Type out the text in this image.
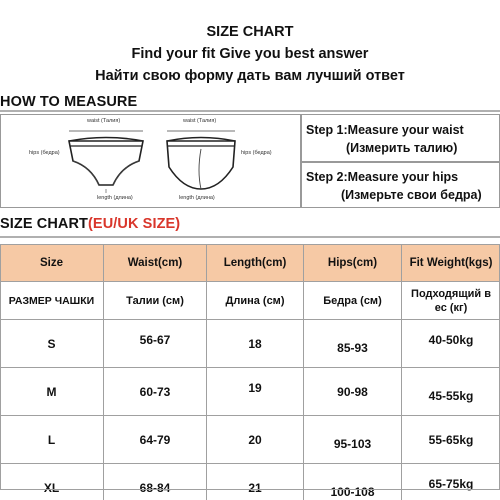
SIZE CHART
Find your fit Give you best answer
Найти свою форму дать вам лучший ответ
HOW TO MEASURE
waist (Талия)
hips (бедра)
length (длина)
waist (Талия)
hips (бедра)
length (длина)
Step 1:Measure your waist
(Измерить талию)
Step 2:Measure your hips
(Измерьте свои бедра)
SIZE CHART(EU/UK SIZE)
Size	Waist(cm)	Length(cm)	Hips(cm)	Fit Weight(kgs)
РАЗМЕР ЧАШКИ	Талии (см)	Длина (см)	Бедра (см)	Подходящий в ес (кг)
S	56-67	18	85-93	40-50kg
M	60-73	19	90-98	45-55kg
L	64-79	20	95-103	55-65kg
XL	68-84	21	100-108	65-75kg
